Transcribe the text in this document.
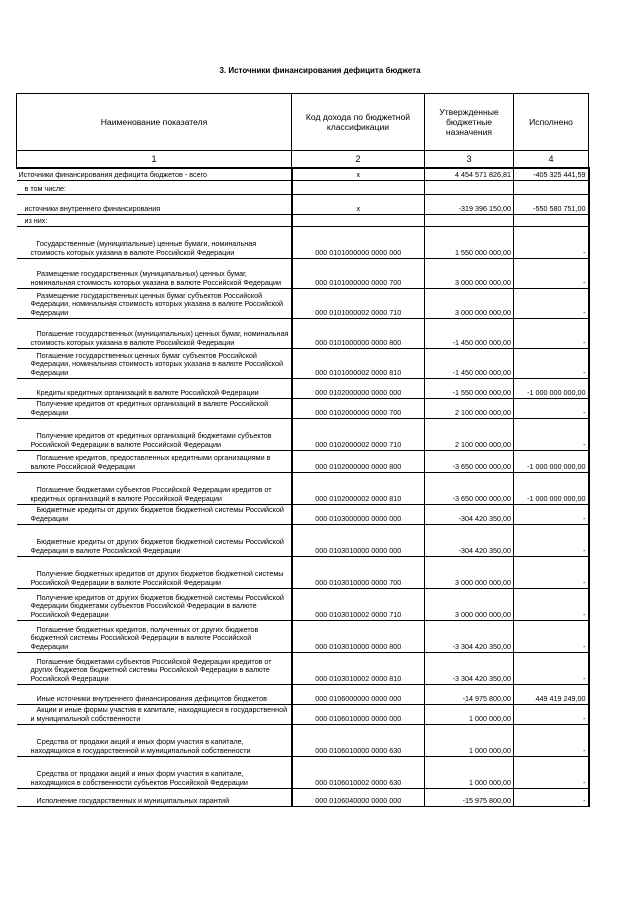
3. Источники финансирования дефицита бюджета
Наименование показателя	Код дохода по бюджетной классификации	Утвержденные бюджетные назначения	Исполнено
1	2	3	4
Источники финансирования дефицита бюджетов - всего	x	4 454 571 826,81	-405 325 441,59
в том числе:			
источники внутреннего финансирования	x	-319 396 150,00	-550 580 751,00
из них:			
Государственные (муниципальные) ценные бумаги, номинальная стоимость которых указана в валюте Российской Федерации	000 0101000000 0000 000	1 550 000 000,00	-
Размещение государственных (муниципальных) ценных бумаг, номинальная стоимость которых указана в валюте Российской Федерации	000 0101000000 0000 700	3 000 000 000,00	-
Размещение государственных ценных бумаг субъектов Российской Федерации, номинальная стоимость которых указана в валюте Российской Федерации	000 0101000002 0000 710	3 000 000 000,00	-
Погашение государственных (муниципальных) ценных бумаг, номинальная стоимость которых указана в валюте Российской Федерации	000 0101000000 0000 800	-1 450 000 000,00	-
Погашение государственных ценных бумаг субъектов Российской Федерации, номинальная стоимость которых указана в валюте Российской Федерации	000 0101000002 0000 810	-1 450 000 000,00	-
Кредиты кредитных организаций в валюте Российской Федерации	000 0102000000 0000 000	-1 550 000 000,00	-1 000 000 000,00
Получение кредитов от кредитных организаций в валюте Российской Федерации	000 0102000000 0000 700	2 100 000 000,00	-
Получение кредитов от кредитных организаций бюджетами субъектов Российской Федерации в валюте Российской Федерации	000 0102000002 0000 710	2 100 000 000,00	-
Погашение кредитов, предоставленных кредитными организациями в валюте Российской Федерации	000 0102000000 0000 800	-3 650 000 000,00	-1 000 000 000,00
Погашение бюджетами субъектов Российской Федерации кредитов от кредитных организаций в валюте Российской Федерации	000 0102000002 0000 810	-3 650 000 000,00	-1 000 000 000,00
Бюджетные кредиты от других бюджетов бюджетной системы Российской Федерации	000 0103000000 0000 000	-304 420 350,00	-
Бюджетные кредиты от других бюджетов бюджетной системы Российской Федерации в валюте Российской Федерации	000 0103010000 0000 000	-304 420 350,00	-
Получение бюджетных кредитов от других бюджетов бюджетной системы Российской Федерации в валюте Российской Федерации	000 0103010000 0000 700	3 000 000 000,00	-
Получение кредитов от других бюджетов бюджетной системы Российской Федерации бюджетами субъектов Российской Федерации в валюте Российской Федерации	000 0103010002 0000 710	3 000 000 000,00	-
Погашение бюджетных кредитов, полученных от других бюджетов бюджетной системы Российской Федерации в валюте Российской Федерации	000 0103010000 0000 800	-3 304 420 350,00	-
Погашение бюджетами субъектов Российской Федерации кредитов от других бюджетов бюджетной системы Российской Федерации в валюте Российской Федерации	000 0103010002 0000 810	-3 304 420 350,00	-
Иные источники внутреннего финансирования дефицитов бюджетов	000 0106000000 0000 000	-14 975 800,00	449 419 249,00
Акции и иные формы участия в капитале, находящиеся в государственной и муниципальной собственности	000 0106010000 0000 000	1 000 000,00	-
Средства от продажи акций и иных форм участия в капитале, находящихся в государственной и муниципальной собственности	000 0106010000 0000 630	1 000 000,00	-
Средства от продажи акций и иных форм участия в капитале, находящихся в собственности субъектов Российской Федерации	000 0106010002 0000 630	1 000 000,00	-
Исполнение государственных и муниципальных гарантий	000 0106040000 0000 000	-15 975 800,00	-
